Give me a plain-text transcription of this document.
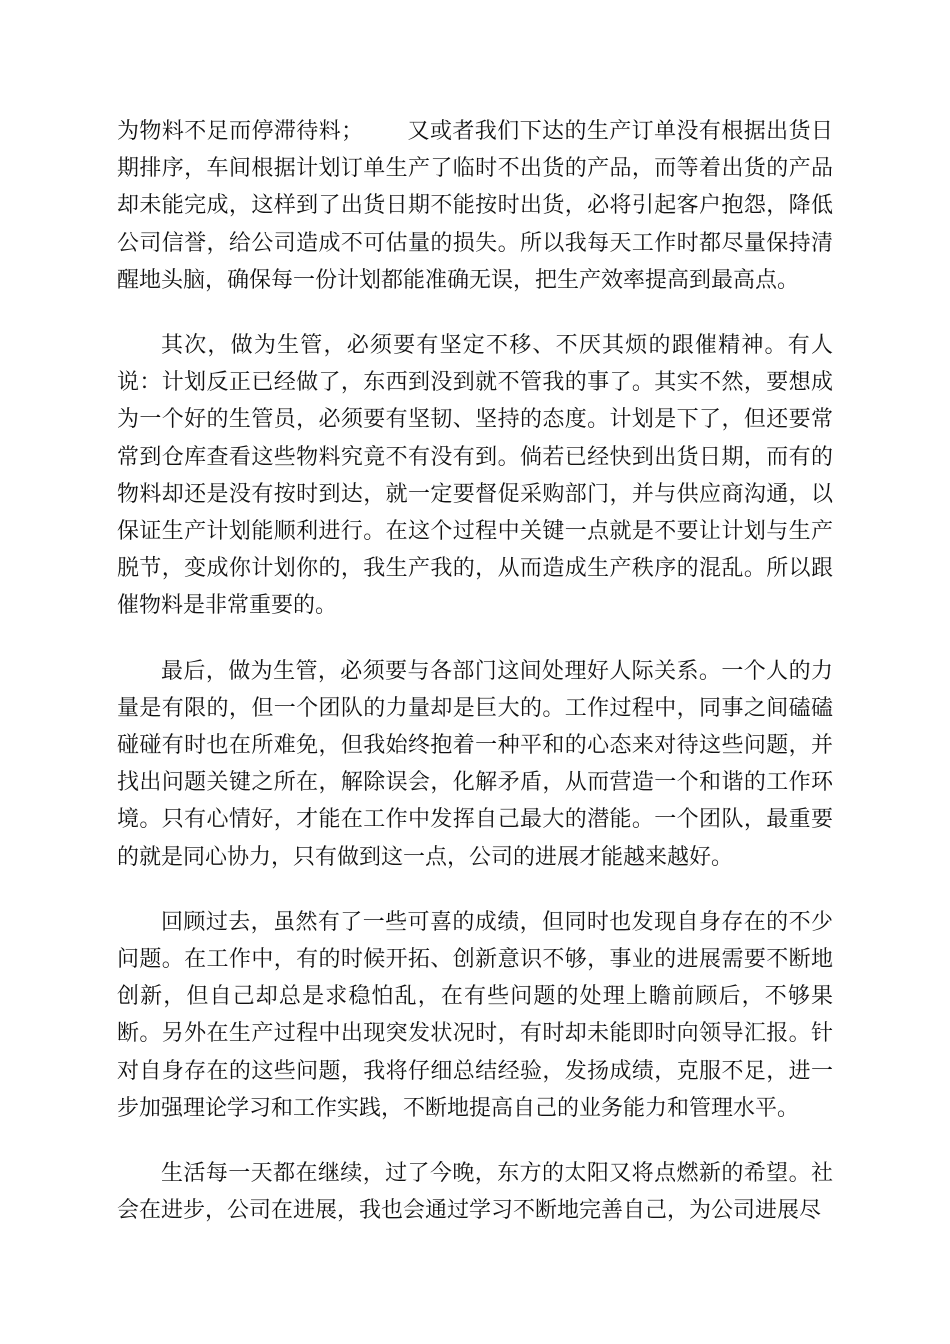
为物料不足而停滞待料； 又或者我们下达的生产订单没有根据出货日期排序，车间根据计划订单生产了临时不出货的产品，而等着出货的产品却未能完成，这样到了出货日期不能按时出货，必将引起客户抱怨，降低公司信誉，给公司造成不可估量的损失。所以我每天工作时都尽量保持清醒地头脑，确保每一份计划都能准确无误，把生产效率提高到最高点。

其次，做为生管，必须要有坚定不移、不厌其烦的跟催精神。有人说：计划反正已经做了，东西到没到就不管我的事了。其实不然，要想成为一个好的生管员，必须要有坚韧、坚持的态度。计划是下了，但还要常常到仓库查看这些物料究竟不有没有到。倘若已经快到出货日期，而有的物料却还是没有按时到达，就一定要督促采购部门，并与供应商沟通，以保证生产计划能顺利进行。在这个过程中关键一点就是不要让计划与生产脱节，变成你计划你的，我生产我的，从而造成生产秩序的混乱。所以跟催物料是非常重要的。

最后，做为生管，必须要与各部门这间处理好人际关系。一个人的力量是有限的，但一个团队的力量却是巨大的。工作过程中，同事之间磕磕碰碰有时也在所难免，但我始终抱着一种平和的心态来对待这些问题，并找出问题关键之所在，解除误会，化解矛盾，从而营造一个和谐的工作环境。只有心情好，才能在工作中发挥自己最大的潜能。一个团队，最重要的就是同心协力，只有做到这一点，公司的进展才能越来越好。

回顾过去，虽然有了一些可喜的成绩，但同时也发现自身存在的不少问题。在工作中，有的时候开拓、创新意识不够，事业的进展需要不断地创新，但自己却总是求稳怕乱，在有些问题的处理上瞻前顾后，不够果断。另外在生产过程中出现突发状况时，有时却未能即时向领导汇报。针对自身存在的这些问题，我将仔细总结经验，发扬成绩，克服不足，进一步加强理论学习和工作实践，不断地提高自己的业务能力和管理水平。

生活每一天都在继续，过了今晚，东方的太阳又将点燃新的希望。社会在进步，公司在进展，我也会通过学习不断地完善自己，为公司进展尽
